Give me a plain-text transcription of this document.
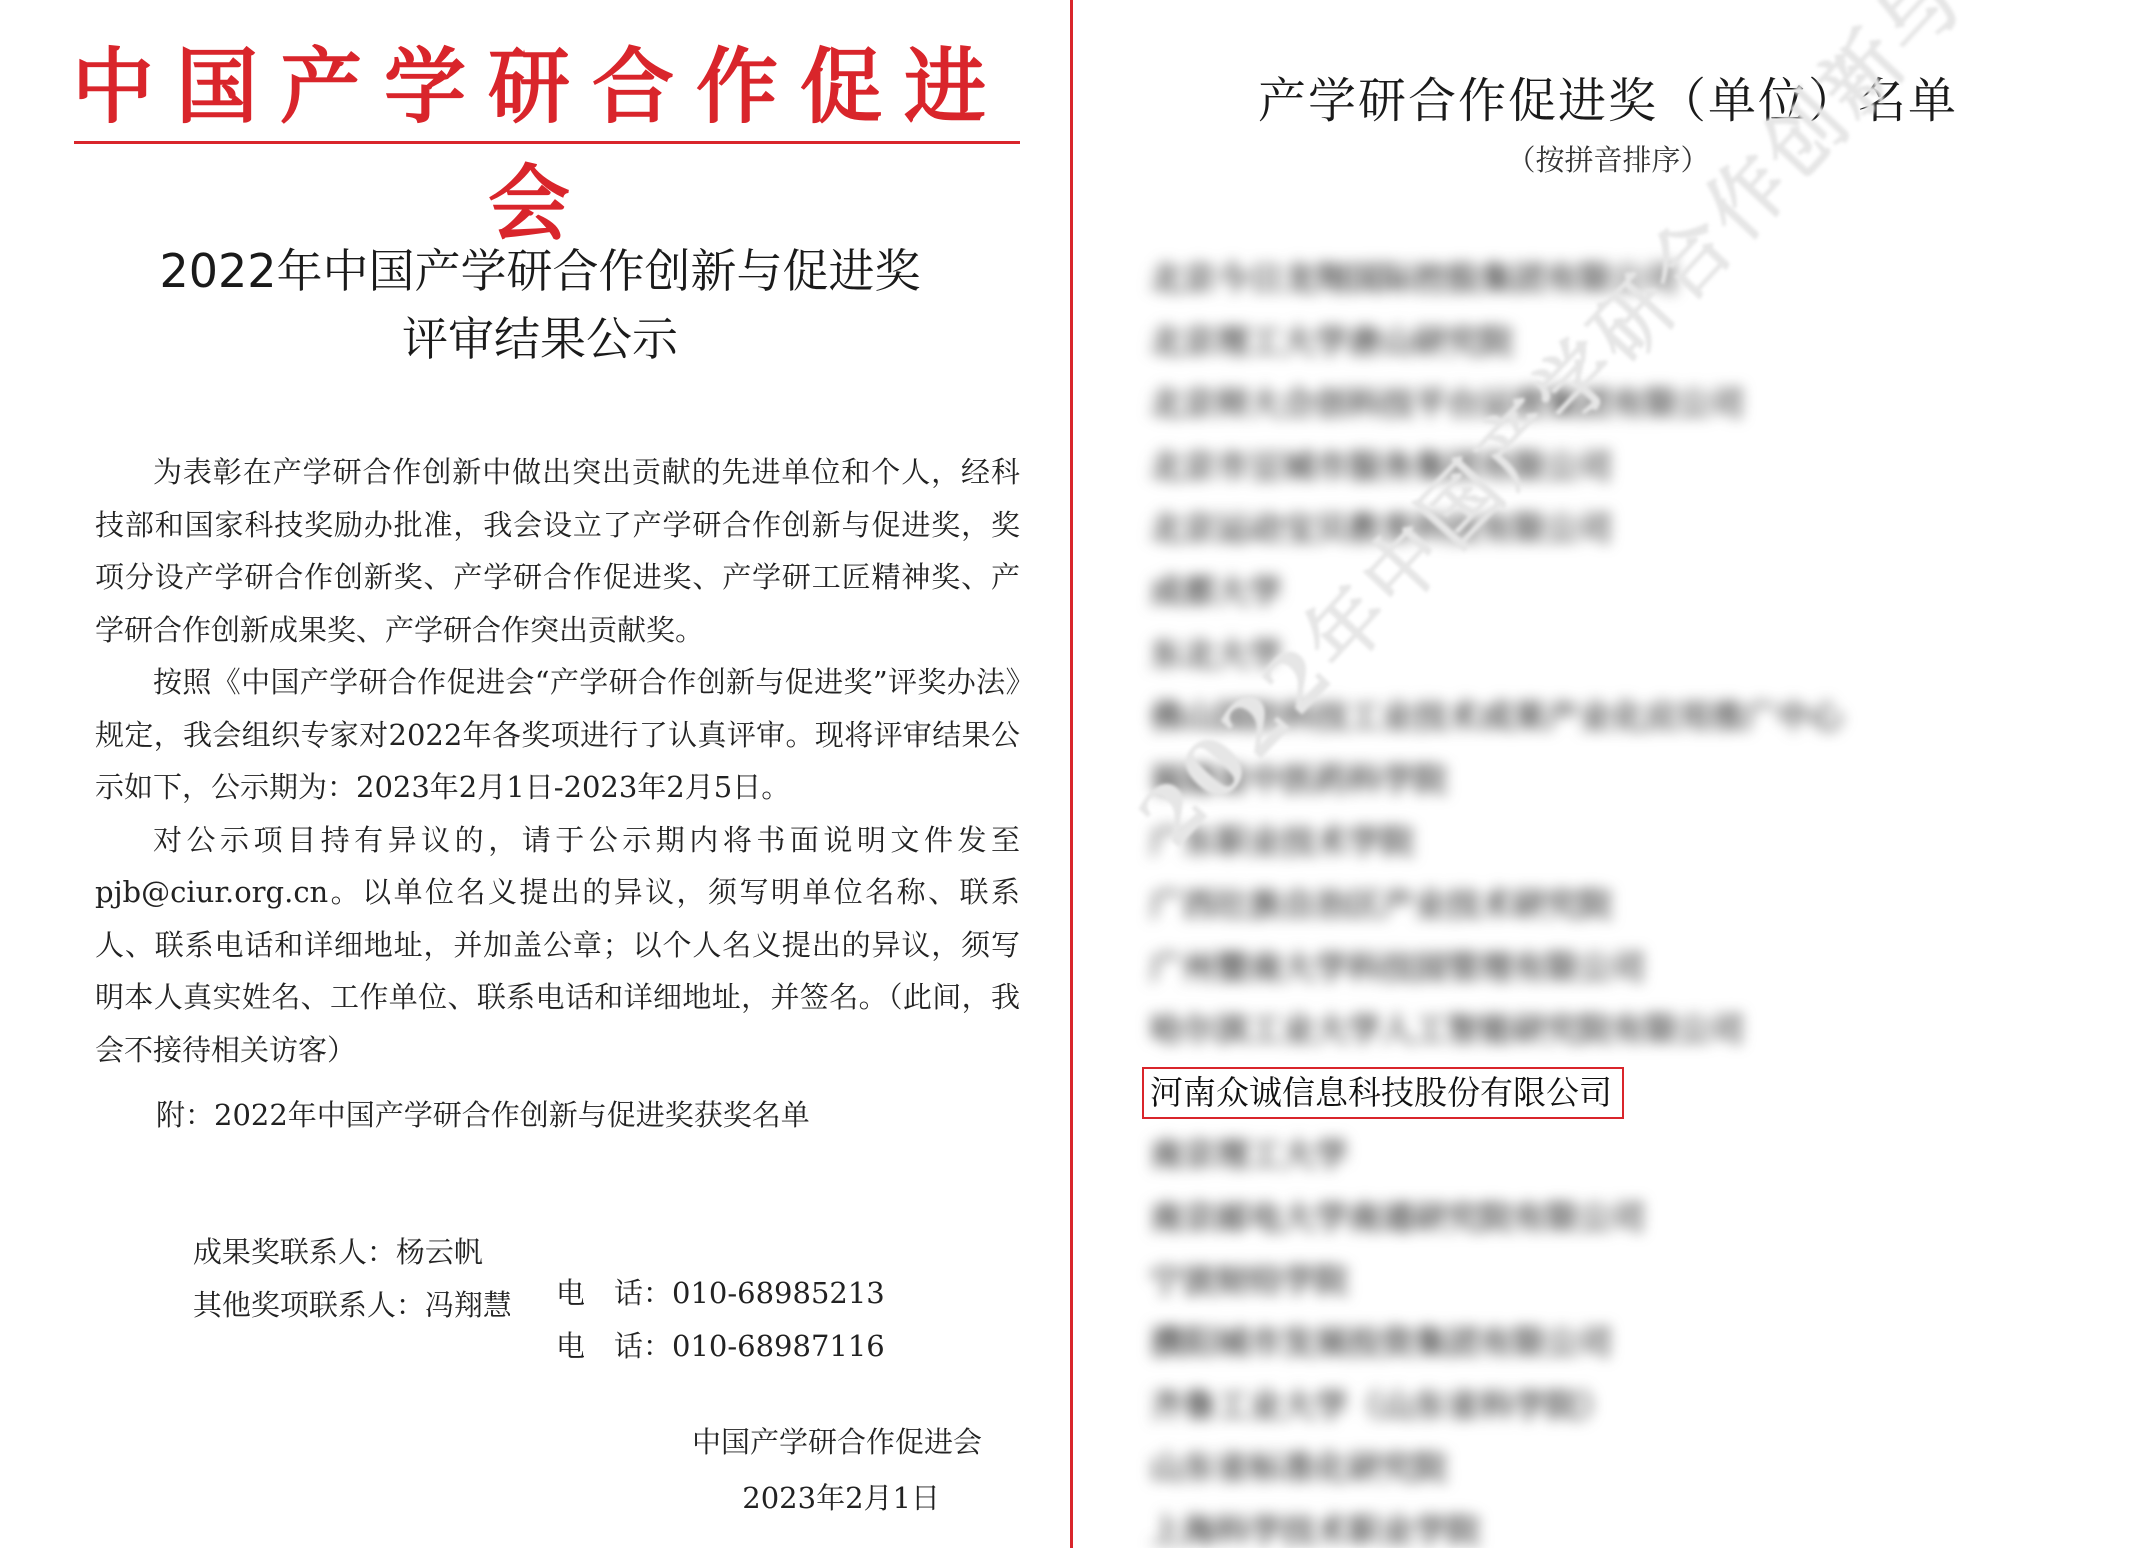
中国产学研合作促进会
2022年中国产学研合作创新与促进奖
评审结果公示

为表彰在产学研合作创新中做出突出贡献的先进单位和个人，经科技部和国家科技奖励办批准，我会设立了产学研合作创新与促进奖，奖项分设产学研合作创新奖、产学研合作促进奖、产学研工匠精神奖、产学研合作创新成果奖、产学研合作突出贡献奖。

按照《中国产学研合作促进会“产学研合作创新与促进奖”评奖办法》规定，我会组织专家对2022年各奖项进行了认真评审。现将评审结果公示如下，公示期为：2023年2月1日-2023年2月5日。

对公示项目持有异议的，请于公示期内将书面说明文件发至pjb@ciur.org.cn。以单位名义提出的异议，须写明单位名称、联系人、联系电话和详细地址，并加盖公章；以个人名义提出的异议，须写明本人真实姓名、工作单位、联系电话和详细地址，并签名。（此间，我会不接待相关访客）

附：2022年中国产学研合作创新与促进奖获奖名单

成果奖联系人：杨云帆

电　话：010-68985213

其他奖项联系人：冯翔慧

电　话：010-68987116

中国产学研合作促进会
2023年2月1日
产学研合作促进奖（单位）名单
（按拼音排序）
北京今日龙翔国际控股集团有限公司
北京理工大学唐山研究院
北京师大合创科技平台运营集团有限公司
北京市豆城市服务集团有限公司
北京运动宝贝教育科技有限公司
成都大学
东北大学
佛山国防科技工业技术成果产业化应用推广中心
福建省中医药科学院
广东职业技术学院
广西壮族自治区产业技术研究院
广州暨南大学科技园管理有限公司
哈尔滨工业大学人工智能研究院有限公司
河南众诚信息科技股份有限公司
南京理工大学
南京邮电大学南通研究院有限公司
宁波财经学院
濮阳城市发展投资集团有限公司
齐鲁工业大学（山东省科学院）
山东省标准化研究院
上海科学技术职业学院
